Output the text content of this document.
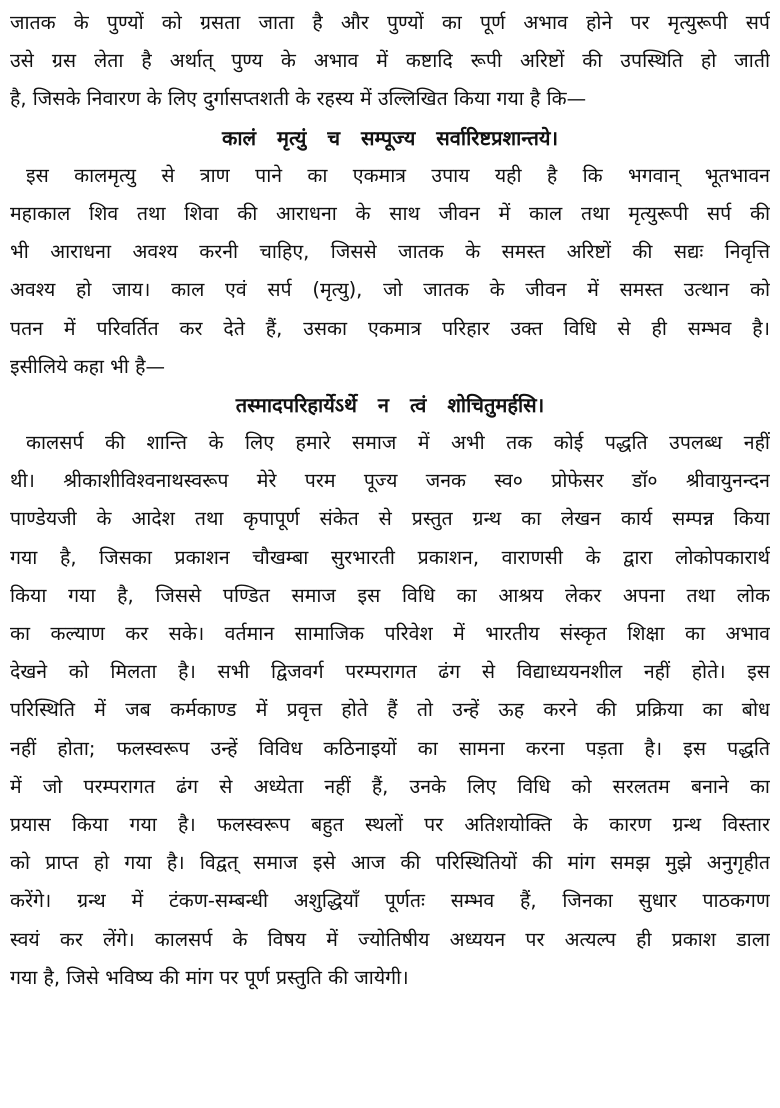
जातक के पुण्यों को ग्रसता जाता है और पुण्यों का पूर्ण अभाव होने पर मृत्युरूपी सर्प
उसे ग्रस लेता है अर्थात् पुण्य के अभाव में कष्टादि रूपी अरिष्टों की उपस्थिति हो जाती
है, जिसके निवारण के लिए दुर्गासप्तशती के रहस्य में उल्लिखित किया गया है कि—
कालं मृत्युं च सम्पूज्य सर्वारिष्टप्रशान्तये।
इस कालमृत्यु से त्राण पाने का एकमात्र उपाय यही है कि भगवान् भूतभावन
महाकाल शिव तथा शिवा की आराधना के साथ जीवन में काल तथा मृत्युरूपी सर्प की
भी आराधना अवश्य करनी चाहिए, जिससे जातक के समस्त अरिष्टों की सद्यः निवृत्ति
अवश्य हो जाय। काल एवं सर्प (मृत्यु), जो जातक के जीवन में समस्त उत्थान को
पतन में परिवर्तित कर देते हैं, उसका एकमात्र परिहार उक्त विधि से ही सम्भव है।
इसीलिये कहा भी है—
तस्मादपरिहार्येऽर्थे न त्वं शोचितुमर्हसि।
कालसर्प की शान्ति के लिए हमारे समाज में अभी तक कोई पद्धति उपलब्ध नहीं
थी। श्रीकाशीविश्वनाथस्वरूप मेरे परम पूज्य जनक स्व० प्रोफेसर डॉ० श्रीवायुनन्दन
पाण्डेयजी के आदेश तथा कृपापूर्ण संकेत से प्रस्तुत ग्रन्थ का लेखन कार्य सम्पन्न किया
गया है, जिसका प्रकाशन चौखम्बा सुरभारती प्रकाशन, वाराणसी के द्वारा लोकोपकारार्थ
किया गया है, जिससे पण्डित समाज इस विधि का आश्रय लेकर अपना तथा लोक
का कल्याण कर सके। वर्तमान सामाजिक परिवेश में भारतीय संस्कृत शिक्षा का अभाव
देखने को मिलता है। सभी द्विजवर्ग परम्परागत ढंग से विद्याध्ययनशील नहीं होते। इस
परिस्थिति में जब कर्मकाण्ड में प्रवृत्त होते हैं तो उन्हें ऊह करने की प्रक्रिया का बोध
नहीं होता; फलस्वरूप उन्हें विविध कठिनाइयों का सामना करना पड़ता है। इस पद्धति
में जो परम्परागत ढंग से अध्येता नहीं हैं, उनके लिए विधि को सरलतम बनाने का
प्रयास किया गया है। फलस्वरूप बहुत स्थलों पर अतिशयोक्ति के कारण ग्रन्थ विस्तार
को प्राप्त हो गया है। विद्वत् समाज इसे आज की परिस्थितियों की मांग समझ मुझे अनुगृहीत
करेंगे। ग्रन्थ में टंकण-सम्बन्धी अशुद्धियाँ पूर्णतः सम्भव हैं, जिनका सुधार पाठकगण
स्वयं कर लेंगे। कालसर्प के विषय में ज्योतिषीय अध्ययन पर अत्यल्प ही प्रकाश डाला
गया है, जिसे भविष्य की मांग पर पूर्ण प्रस्तुति की जायेगी।
